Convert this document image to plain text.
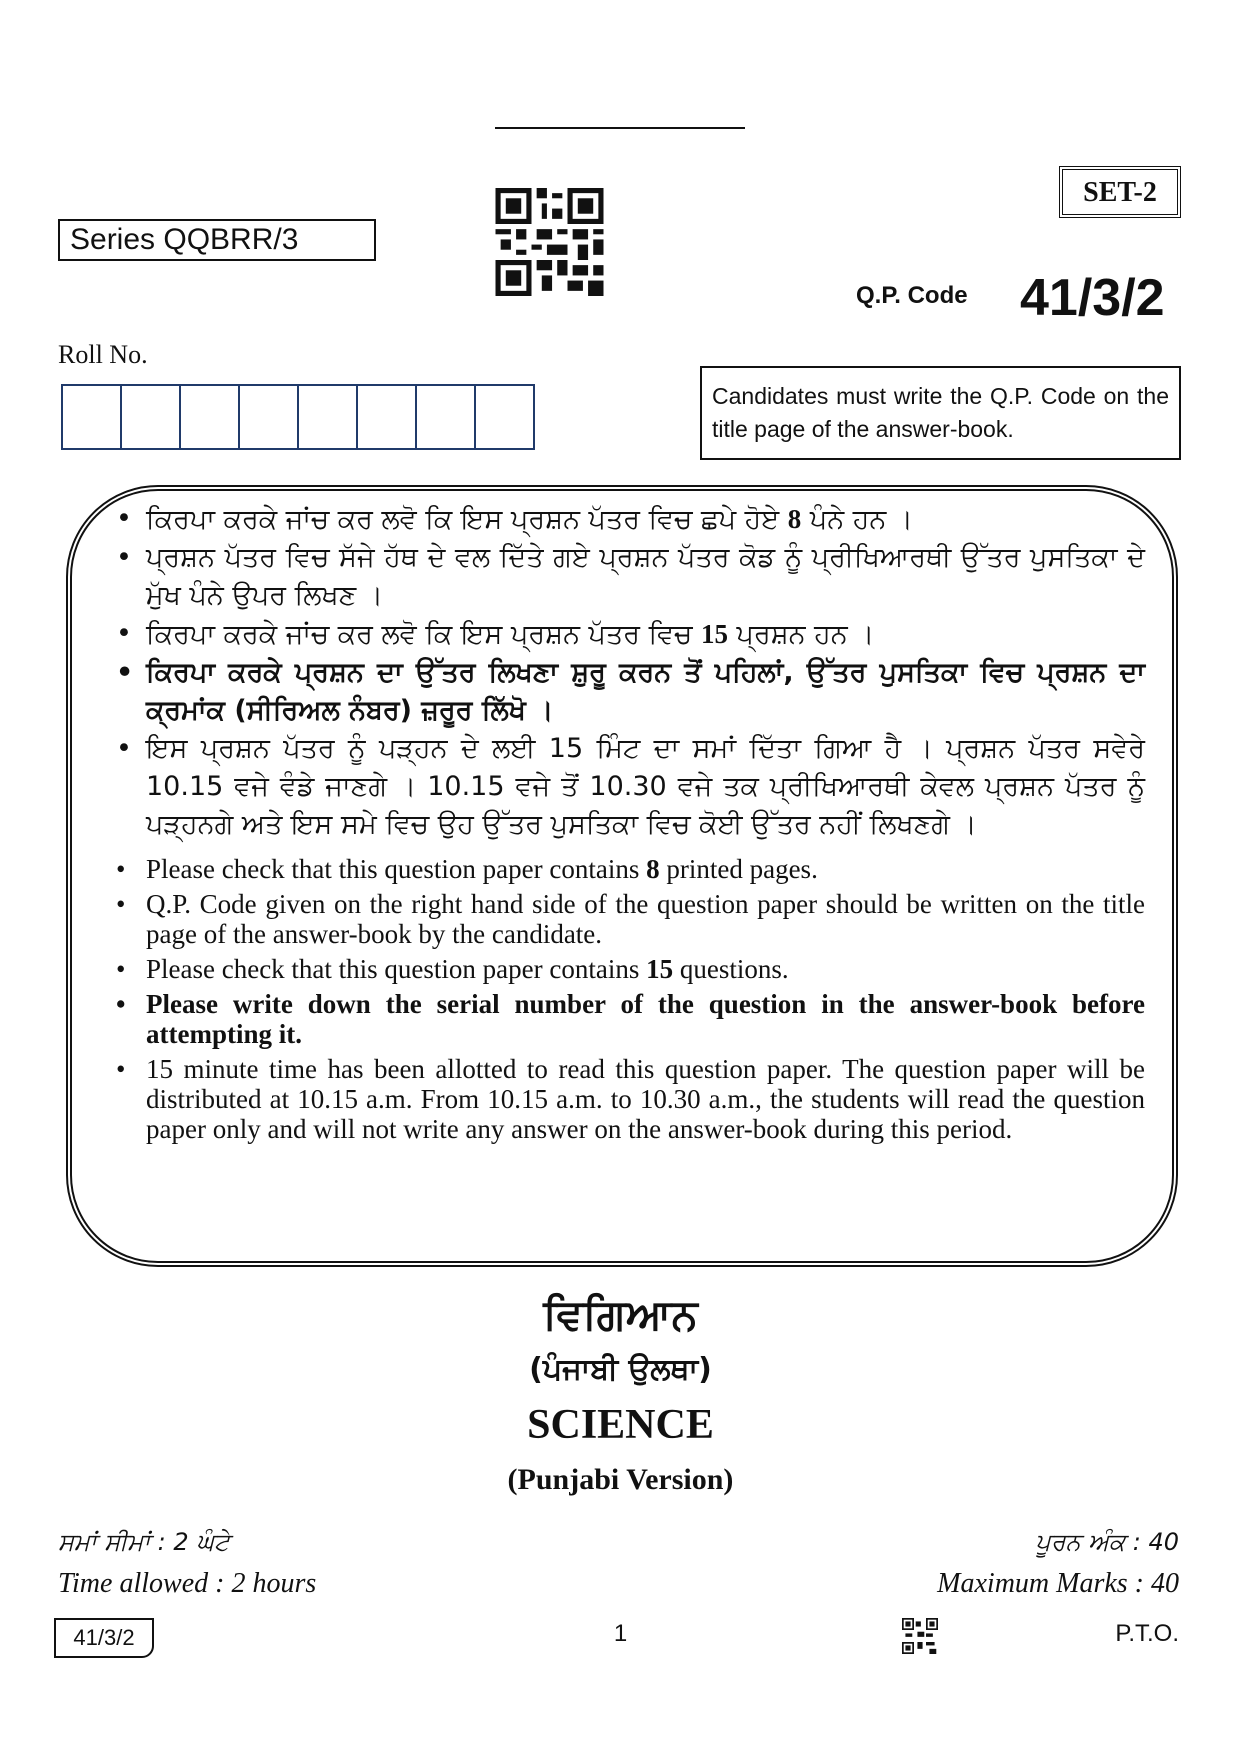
Series QQBRR/3
SET-2
Q.P. Code 41/3/2
Roll No.
Candidates must write the Q.P. Code on the title page of the answer-book.
• ਕਿਰਪਾ ਕਰਕੇ ਜਾਂਚ ਕਰ ਲਵੋ ਕਿ ਇਸ ਪ੍ਰਸ਼ਨ ਪੱਤਰ ਵਿਚ ਛਪੇ ਹੋਏ 8 ਪੰਨੇ ਹਨ ।
• ਪ੍ਰਸ਼ਨ ਪੱਤਰ ਵਿਚ ਸੱਜੇ ਹੱਥ ਦੇ ਵਲ ਦਿੱਤੇ ਗਏ ਪ੍ਰਸ਼ਨ ਪੱਤਰ ਕੋਡ ਨੂੰ ਪ੍ਰੀਖਿਆਰਥੀ ਉੱਤਰ ਪੁਸਤਿਕਾ ਦੇ ਮੁੱਖ ਪੰਨੇ ਉਪਰ ਲਿਖਣ ।
• ਕਿਰਪਾ ਕਰਕੇ ਜਾਂਚ ਕਰ ਲਵੋ ਕਿ ਇਸ ਪ੍ਰਸ਼ਨ ਪੱਤਰ ਵਿਚ 15 ਪ੍ਰਸ਼ਨ ਹਨ ।
• ਕਿਰਪਾ ਕਰਕੇ ਪ੍ਰਸ਼ਨ ਦਾ ਉੱਤਰ ਲਿਖਣਾ ਸ਼ੁਰੂ ਕਰਨ ਤੋਂ ਪਹਿਲਾਂ, ਉੱਤਰ ਪੁਸਤਿਕਾ ਵਿਚ ਪ੍ਰਸ਼ਨ ਦਾ ਕ੍ਰਮਾਂਕ (ਸੀਰਿਅਲ ਨੰਬਰ) ਜ਼ਰੂਰ ਲਿੱਖੋ ।
• ਇਸ ਪ੍ਰਸ਼ਨ ਪੱਤਰ ਨੂੰ ਪੜ੍ਹਨ ਦੇ ਲਈ 15 ਮਿੰਟ ਦਾ ਸਮਾਂ ਦਿੱਤਾ ਗਿਆ ਹੈ । ਪ੍ਰਸ਼ਨ ਪੱਤਰ ਸਵੇਰੇ 10.15 ਵਜੇ ਵੰਡੇ ਜਾਣਗੇ । 10.15 ਵਜੇ ਤੋਂ 10.30 ਵਜੇ ਤਕ ਪ੍ਰੀਖਿਆਰਥੀ ਕੇਵਲ ਪ੍ਰਸ਼ਨ ਪੱਤਰ ਨੂੰ ਪੜ੍ਹਨਗੇ ਅਤੇ ਇਸ ਸਮੇ ਵਿਚ ਉਹ ਉੱਤਰ ਪੁਸਤਿਕਾ ਵਿਚ ਕੋਈ ਉੱਤਰ ਨਹੀਂ ਲਿਖਣਗੇ ।
• Please check that this question paper contains 8 printed pages.
• Q.P. Code given on the right hand side of the question paper should be written on the title page of the answer-book by the candidate.
• Please check that this question paper contains 15 questions.
• Please write down the serial number of the question in the answer-book before attempting it.
• 15 minute time has been allotted to read this question paper. The question paper will be distributed at 10.15 a.m. From 10.15 a.m. to 10.30 a.m., the students will read the question paper only and will not write any answer on the answer-book during this period.
ਵਿਗਿਆਨ
(ਪੰਜਾਬੀ ਉਲਥਾ)
SCIENCE
(Punjabi Version)
ਸਮਾਂ ਸੀਮਾਂ : 2 ਘੰਟੇ
Time allowed : 2 hours
ਪੂਰਨ ਅੰਕ : 40
Maximum Marks : 40
41/3/2	1	P.T.O.
